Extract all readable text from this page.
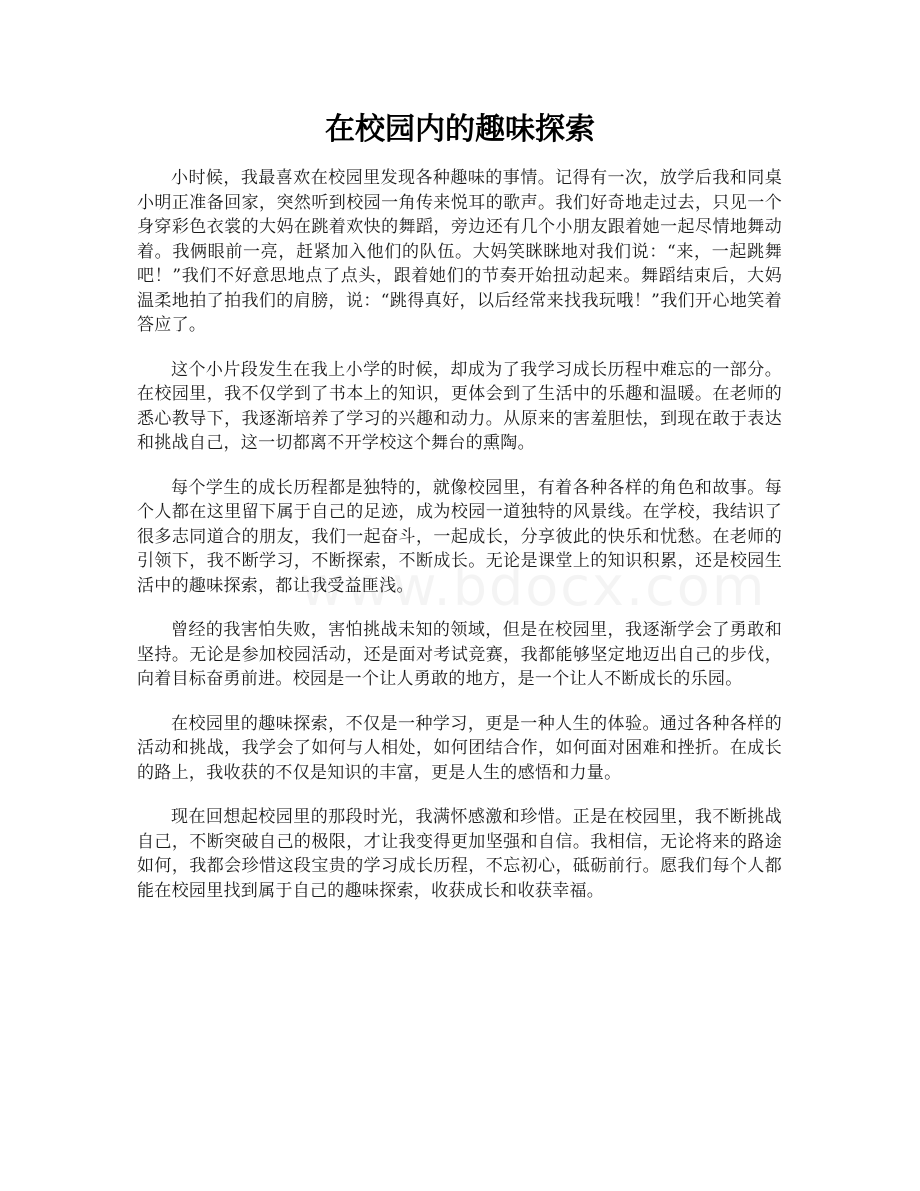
在校园内的趣味探索

小时候，我最喜欢在校园里发现各种趣味的事情。记得有一次，放学后我和同桌小明正准备回家，突然听到校园一角传来悦耳的歌声。我们好奇地走过去，只见一个身穿彩色衣裳的大妈在跳着欢快的舞蹈，旁边还有几个小朋友跟着她一起尽情地舞动着。我俩眼前一亮，赶紧加入他们的队伍。大妈笑眯眯地对我们说：“来，一起跳舞吧！”我们不好意思地点了点头，跟着她们的节奏开始扭动起来。舞蹈结束后，大妈温柔地拍了拍我们的肩膀，说：“跳得真好，以后经常来找我玩哦！”我们开心地笑着答应了。

这个小片段发生在我上小学的时候，却成为了我学习成长历程中难忘的一部分。在校园里，我不仅学到了书本上的知识，更体会到了生活中的乐趣和温暖。在老师的悉心教导下，我逐渐培养了学习的兴趣和动力。从原来的害羞胆怯，到现在敢于表达和挑战自己，这一切都离不开学校这个舞台的熏陶。

每个学生的成长历程都是独特的，就像校园里，有着各种各样的角色和故事。每个人都在这里留下属于自己的足迹，成为校园一道独特的风景线。在学校，我结识了很多志同道合的朋友，我们一起奋斗，一起成长，分享彼此的快乐和忧愁。在老师的引领下，我不断学习，不断探索，不断成长。无论是课堂上的知识积累，还是校园生活中的趣味探索，都让我受益匪浅。

曾经的我害怕失败，害怕挑战未知的领域，但是在校园里，我逐渐学会了勇敢和坚持。无论是参加校园活动，还是面对考试竞赛，我都能够坚定地迈出自己的步伐，向着目标奋勇前进。校园是一个让人勇敢的地方，是一个让人不断成长的乐园。

在校园里的趣味探索，不仅是一种学习，更是一种人生的体验。通过各种各样的活动和挑战，我学会了如何与人相处，如何团结合作，如何面对困难和挫折。在成长的路上，我收获的不仅是知识的丰富，更是人生的感悟和力量。

现在回想起校园里的那段时光，我满怀感激和珍惜。正是在校园里，我不断挑战自己，不断突破自己的极限，才让我变得更加坚强和自信。我相信，无论将来的路途如何，我都会珍惜这段宝贵的学习成长历程，不忘初心，砥砺前行。愿我们每个人都能在校园里找到属于自己的趣味探索，收获成长和收获幸福。
